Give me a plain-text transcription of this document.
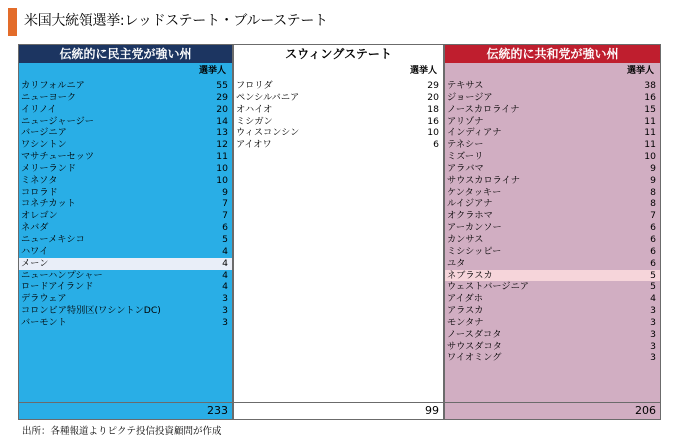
米国大統領選挙:レッドステート・ブルーステート
伝統的に民主党が強い州
選挙人
カリフォルニア	55
ニューヨーク	29
イリノイ	20
ニュージャージー	14
バージニア	13
ワシントン	12
マサチューセッツ	11
メリーランド	10
ミネソタ	10
コロラド	9
コネチカット	7
オレゴン	7
ネバダ	6
ニューメキシコ	5
ハワイ	4
メーン	4
ニューハンプシャー	4
ロードアイランド	4
デラウェア	3
コロンビア特別区(ワシントンDC)	3
バーモント	3
233
スウィングステート
選挙人
フロリダ	29
ペンシルバニア	20
オハイオ	18
ミシガン	16
ウィスコンシン	10
アイオワ	6
99
伝統的に共和党が強い州
選挙人
テキサス	38
ジョージア	16
ノースカロライナ	15
アリゾナ	11
インディアナ	11
テネシー	11
ミズーリ	10
アラバマ	9
サウスカロライナ	9
ケンタッキー	8
ルイジアナ	8
オクラホマ	7
アーカンソー	6
カンサス	6
ミシシッピー	6
ユタ	6
ネブラスカ	5
ウェストバージニア	5
アイダホ	4
アラスカ	3
モンタナ	3
ノースダコタ	3
サウスダコタ	3
ワイオミング	3
206
出所：各種報道よりピクテ投信投資顧問が作成
